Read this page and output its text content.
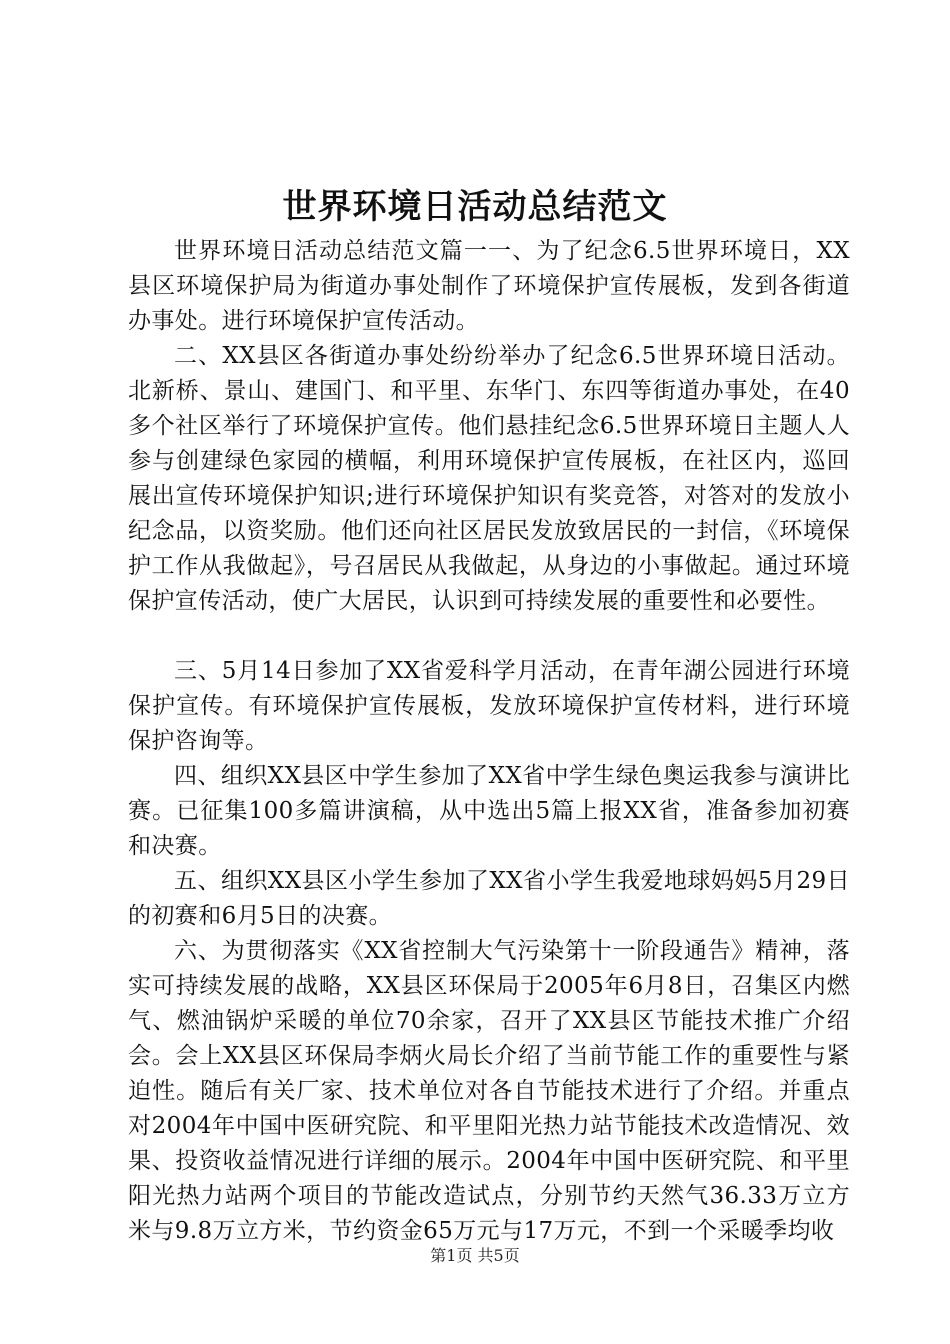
世界环境日活动总结范文

世界环境日活动总结范文篇一一、为了纪念6.5世界环境日，XX县区环境保护局为街道办事处制作了环境保护宣传展板，发到各街道办事处。进行环境保护宣传活动。

二、XX县区各街道办事处纷纷举办了纪念6.5世界环境日活动。北新桥、景山、建国门、和平里、东华门、东四等街道办事处，在40多个社区举行了环境保护宣传。他们悬挂纪念6.5世界环境日主题人人参与创建绿色家园的横幅，利用环境保护宣传展板，在社区内，巡回展出宣传环境保护知识;进行环境保护知识有奖竞答，对答对的发放小纪念品，以资奖励。他们还向社区居民发放致居民的一封信，《环境保护工作从我做起》，号召居民从我做起，从身边的小事做起。通过环境保护宣传活动，使广大居民，认识到可持续发展的重要性和必要性。

三、5月14日参加了XX省爱科学月活动，在青年湖公园进行环境保护宣传。有环境保护宣传展板，发放环境保护宣传材料，进行环境保护咨询等。

四、组织XX县区中学生参加了XX省中学生绿色奥运我参与演讲比赛。已征集100多篇讲演稿，从中选出5篇上报XX省，准备参加初赛和决赛。

五、组织XX县区小学生参加了XX省小学生我爱地球妈妈5月29日的初赛和6月5日的决赛。

六、为贯彻落实《XX省控制大气污染第十一阶段通告》精神，落实可持续发展的战略，XX县区环保局于2005年6月8日，召集区内燃气、燃油锅炉采暖的单位70余家，召开了XX县区节能技术推广介绍会。会上XX县区环保局李炳火局长介绍了当前节能工作的重要性与紧迫性。随后有关厂家、技术单位对各自节能技术进行了介绍。并重点对2004年中国中医研究院、和平里阳光热力站节能技术改造情况、效果、投资收益情况进行详细的展示。2004年中国中医研究院、和平里阳光热力站两个项目的节能改造试点，分别节约天然气36.33万立方米与9.8万立方米，节约资金65万元与17万元，不到一个采暖季均收

第1页 共5页
